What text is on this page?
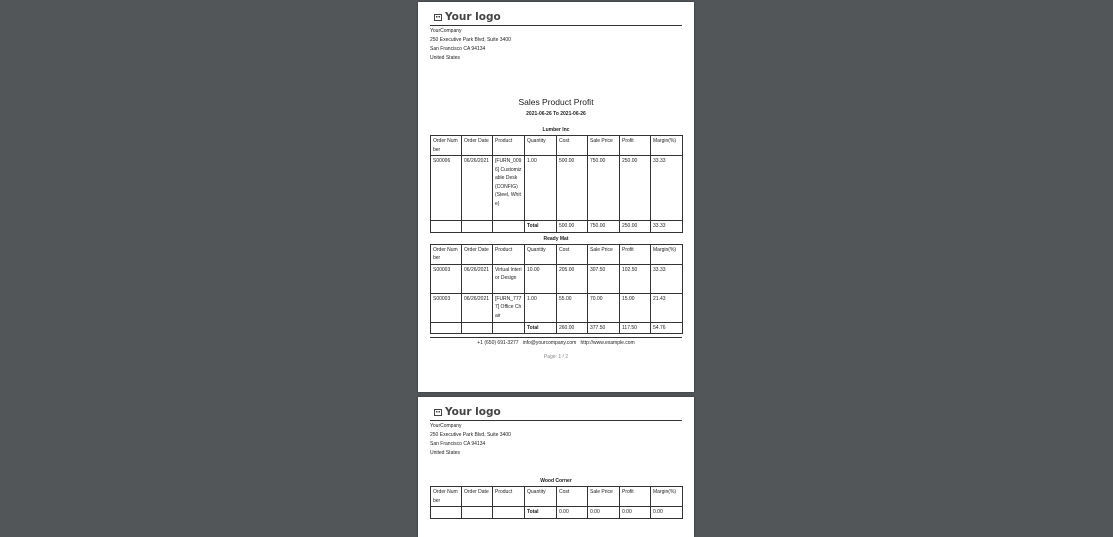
Your logo
YourCompany
250 Executive Park Blvd, Suite 3400
San Francisco CA 94134
United States
Sales Product Profit
2021-06-26 To 2021-06-26
Lumber Inc
Order Number	Order Date	Product	Quantity	Cost	Sale Price	Profit	Margin(%)
S00006	06/26/2021	[FURN_0096] Customizable Desk (CONFIG) (Steel, White)	1.00	500.00	750.00	250.00	33.33
			Total	500.00	750.00	250.00	33.33
Ready Mat
Order Number	Order Date	Product	Quantity	Cost	Sale Price	Profit	Margin(%)
S00003	06/26/2021	Virtual Interior Design	10.00	205.00	307.50	102.50	33.33
S00003	06/26/2021	[FURN_7777] Office Chair	1.00	55.00	70.00	15.00	21.43
			Total	260.00	377.50	117.50	54.76
+1 (650) 691-3277 info@yourcompany.com http://www.example.com
Page: 1 / 2
Your logo
YourCompany
250 Executive Park Blvd, Suite 3400
San Francisco CA 94134
United States
Wood Corner
Order Number	Order Date	Product	Quantity	Cost	Sale Price	Profit	Margin(%)
			Total	0.00	0.00	0.00	0.00
